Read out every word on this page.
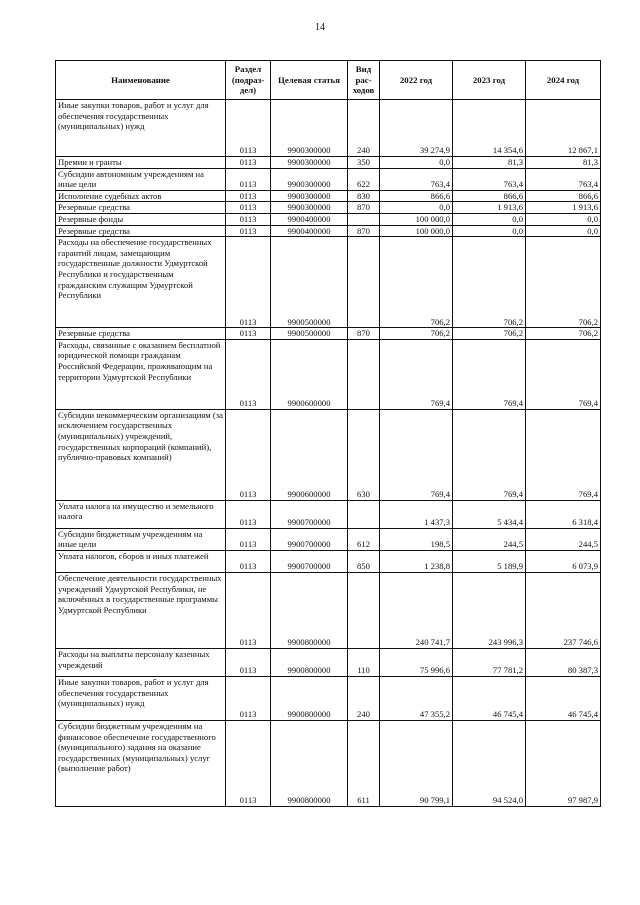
14
Наименование	Раздел (подраз-дел)	Целевая статья	Вид рас-ходов	2022 год	2023 год	2024 год
Иные закупки товаров, работ и услуг для обеспечения государственных (муниципальных) нужд	0113	9900300000	240	39 274,9	14 354,6	12 867,1
Премии и гранты	0113	9900300000	350	0,0	81,3	81,3
Субсидии автономным учреждениям на иные цели	0113	9900300000	622	763,4	763,4	763,4
Исполнение судебных актов	0113	9900300000	830	866,6	866,6	866,6
Резервные средства	0113	9900300000	870	0,0	1 913,6	1 913,6
Резервные фонды	0113	9900400000		100 000,0	0,0	0,0
Резервные средства	0113	9900400000	870	100 000,0	0,0	0,0
Расходы на обеспечение государственных гарантий лицам, замещающим государственные должности Удмуртской Республики и государственным гражданским служащим Удмуртской Республики	0113	9900500000		706,2	706,2	706,2
Резервные средства	0113	9900500000	870	706,2	706,2	706,2
Расходы, связанные с оказанием бесплатной юридической помощи гражданам Российской Федерации, проживающим на территории Удмуртской Республики	0113	9900600000		769,4	769,4	769,4
Субсидии некоммерческим организациям (за исключением государственных (муниципальных) учреждений, государственных корпораций (компаний), публично-правовых компаний)	0113	9900600000	630	769,4	769,4	769,4
Уплата налога на имущество и земельного налога	0113	9900700000		1 437,3	5 434,4	6 318,4
Субсидии бюджетным учреждениям на иные цели	0113	9900700000	612	198,5	244,5	244,5
Уплата налогов, сборов и иных платежей	0113	9900700000	850	1 238,8	5 189,9	6 073,9
Обеспечение деятельности государственных учреждений Удмуртской Республики, не включённых в государственные программы Удмуртской Республики	0113	9900800000		240 741,7	243 996,3	237 746,6
Расходы на выплаты персоналу казенных учреждений	0113	9900800000	110	75 996,6	77 781,2	80 387,3
Иные закупки товаров, работ и услуг для обеспечения государственных (муниципальных) нужд	0113	9900800000	240	47 355,2	46 745,4	46 745,4
Субсидии бюджетным учреждениям на финансовое обеспечение государственного (муниципального) задания на оказание государственных (муниципальных) услуг (выполнение работ)	0113	9900800000	611	90 799,1	94 524,0	97 987,9
